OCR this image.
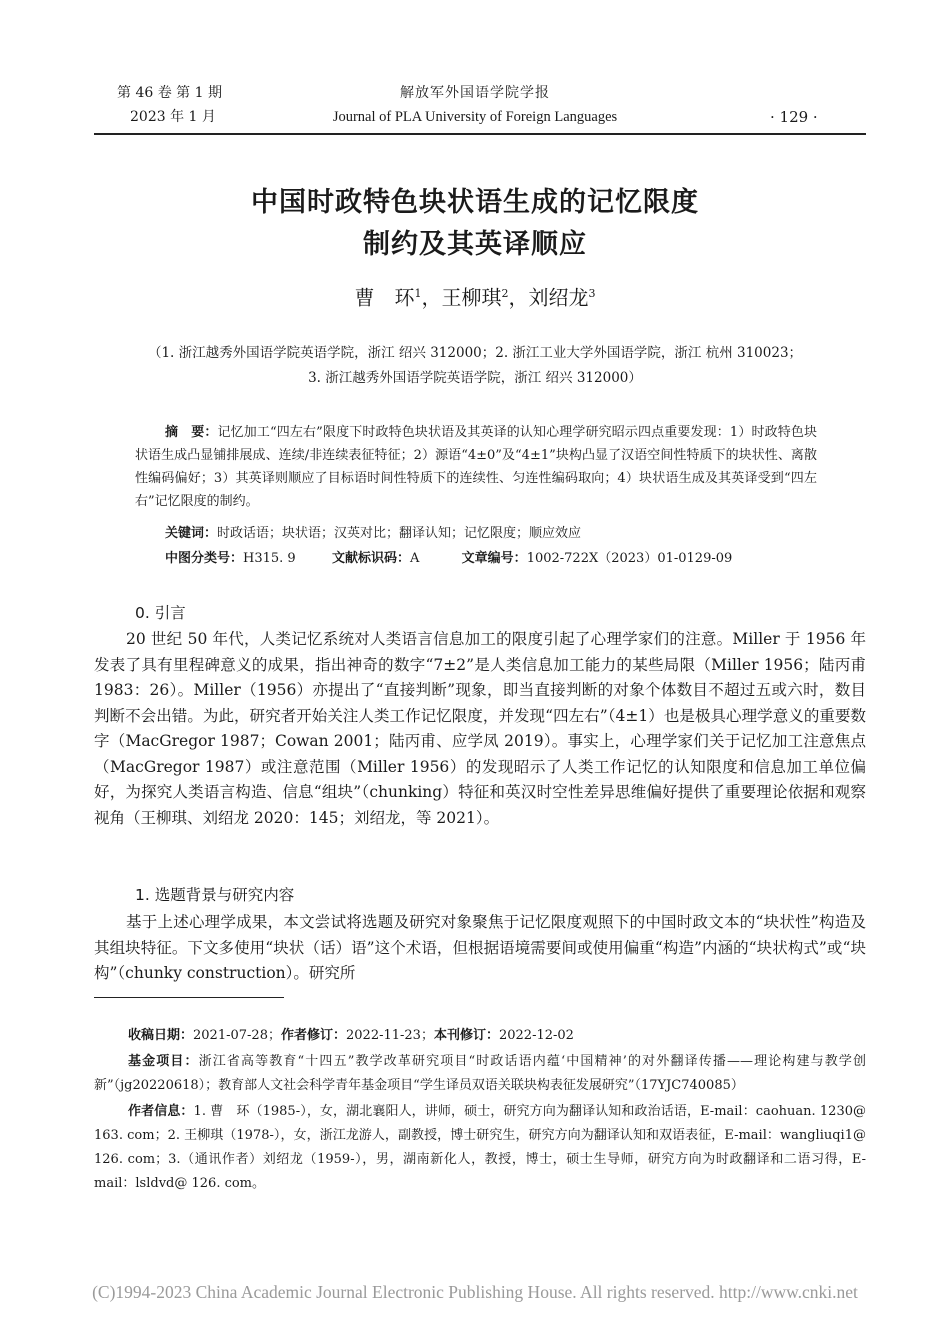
第 46 卷 第 1 期
2023 年 1 月
解放军外国语学院学报
Journal of PLA University of Foreign Languages	· 129 ·
中国时政特色块状语生成的记忆限度
制约及其英译顺应
曹　环$^1$，王柳琪$^2$，刘绍龙$^3$
（1. 浙江越秀外国语学院英语学院，浙江 绍兴 312000；2. 浙江工业大学外国语学院，浙江 杭州 310023；
3. 浙江越秀外国语学院英语学院，浙江 绍兴 312000）
摘　要：记忆加工“四左右”限度下时政特色块状语及其英译的认知心理学研究昭示四点重要发现：1）时政特色块状语生成凸显铺排展成、连续/非连续表征特征；2）源语“4±0”及“4±1”块构凸显了汉语空间性特质下的块状性、离散性编码偏好；3）其英译则顺应了目标语时间性特质下的连续性、匀连性编码取向；4）块状语生成及其英译受到“四左右”记忆限度的制约。
关键词：时政话语；块状语；汉英对比；翻译认知；记忆限度；顺应效应
中图分类号：H315. 9	文献标识码：A	文章编号：1002-722X（2023）01-0129-09
0. 引言

20 世纪 50 年代，人类记忆系统对人类语言信息加工的限度引起了心理学家们的注意。Miller 于 1956 年发表了具有里程碑意义的成果，指出神奇的数字“7±2”是人类信息加工能力的某些局限（Miller 1956；陆丙甫 1983：26）。Miller（1956）亦提出了“直接判断”现象，即当直接判断的对象个体数目不超过五或六时，数目判断不会出错。为此，研究者开始关注人类工作记忆限度，并发现“四左右”（4±1）也是极具心理学意义的重要数字（MacGregor 1987；Cowan 2001；陆丙甫、应学凤 2019）。事实上，心理学家们关于记忆加工注意焦点（MacGregor 1987）或注意范围（Miller 1956）的发现昭示了人类工作记忆的认知限度和信息加工单位偏好，为探究人类语言构造、信息“组块”（chunking）特征和英汉时空性差异思维偏好提供了重要理论依据和观察视角（王柳琪、刘绍龙 2020：145；刘绍龙，等 2021）。

1. 选题背景与研究内容

基于上述心理学成果，本文尝试将选题及研究对象聚焦于记忆限度观照下的中国时政文本的“块状性”构造及其组块特征。下文多使用“块状（话）语”这个术语，但根据语境需要间或使用偏重“构造”内涵的“块状构式”或“块构”（chunky construction）。研究所

收稿日期：2021-07-28；作者修订：2022-11-23；本刊修订：2022-12-02

基金项目：浙江省高等教育“十四五”教学改革研究项目“时政话语内蕴‘中国精神’的对外翻译传播——理论构建与教学创新”（jg20220618）；教育部人文社会科学青年基金项目“学生译员双语关联块构表征发展研究”（17YJC740085）

作者信息：1. 曹　环（1985-），女，湖北襄阳人，讲师，硕士，研究方向为翻译认知和政治话语，E-mail：caohuan. 1230@ 163. com；2. 王柳琪（1978-），女，浙江龙游人，副教授，博士研究生，研究方向为翻译认知和双语表征，E-mail：wangliuqi1@ 126. com；3.（通讯作者）刘绍龙（1959-），男，湖南新化人，教授，博士，硕士生导师，研究方向为时政翻译和二语习得，E-mail：lsldvd@ 126. com。

(C)1994-2023 China Academic Journal Electronic Publishing House. All rights reserved. http://www.cnki.net
